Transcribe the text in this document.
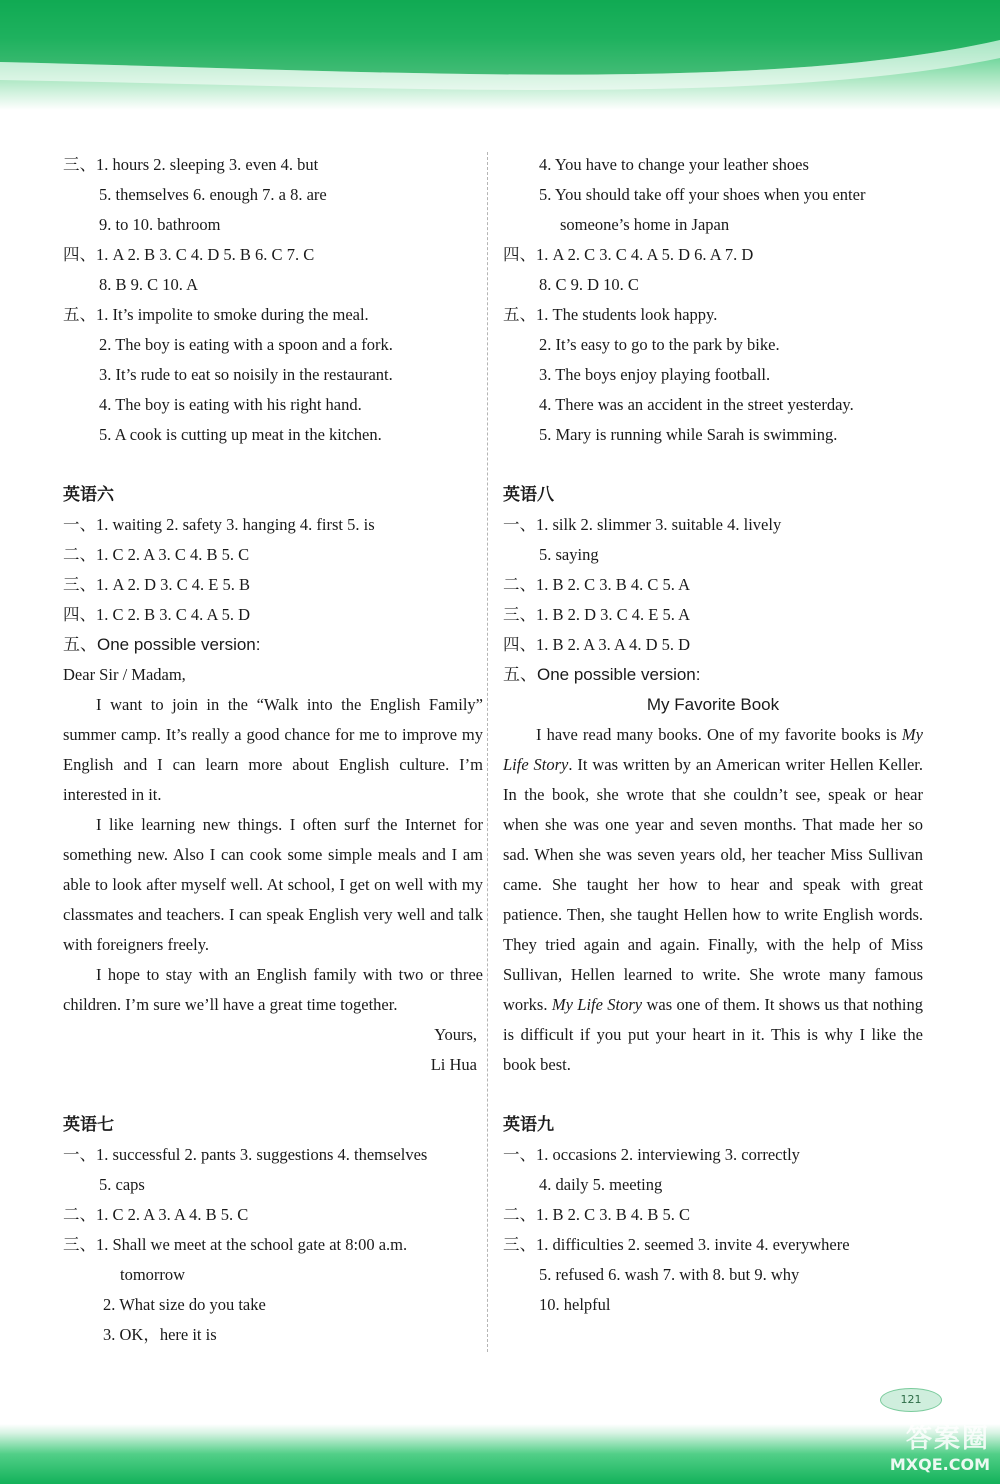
三、1. hours 2. sleeping 3. even 4. but
5. themselves 6. enough 7. a 8. are
9. to 10. bathroom
四、1. A 2. B 3. C 4. D 5. B 6. C 7. C
8. B 9. C 10. A
五、1. It’s impolite to smoke during the meal.
2. The boy is eating with a spoon and a fork.
3. It’s rude to eat so noisily in the restaurant.
4. The boy is eating with his right hand.
5. A cook is cutting up meat in the kitchen.
英语六
一、1. waiting 2. safety 3. hanging 4. first 5. is
二、1. C 2. A 3. C 4. B 5. C
三、1. A 2. D 3. C 4. E 5. B
四、1. C 2. B 3. C 4. A 5. D
五、One possible version:
Dear Sir / Madam,

I want to join in the “Walk into the English Family” summer camp. It’s really a good chance for me to improve my English and I can learn more about English culture. I’m interested in it.

I like learning new things. I often surf the Internet for something new. Also I can cook some simple meals and I am able to look after myself well. At school, I get on well with my classmates and teachers. I can speak English very well and talk with foreigners freely.

I hope to stay with an English family with two or three children. I’m sure we’ll have a great time together.

Yours,
Li Hua
英语七
一、1. successful 2. pants 3. suggestions 4. themselves
5. caps
二、1. C 2. A 3. A 4. B 5. C
三、1. Shall we meet at the school gate at 8:00 a.m.
tomorrow
2. What size do you take
3. OK，here it is
4. You have to change your leather shoes
5. You should take off your shoes when you enter
someone’s home in Japan
四、1. A 2. C 3. C 4. A 5. D 6. A 7. D
8. C 9. D 10. C
五、1. The students look happy.
2. It’s easy to go to the park by bike.
3. The boys enjoy playing football.
4. There was an accident in the street yesterday.
5. Mary is running while Sarah is swimming.
英语八
一、1. silk 2. slimmer 3. suitable 4. lively
5. saying
二、1. B 2. C 3. B 4. C 5. A
三、1. B 2. D 3. C 4. E 5. A
四、1. B 2. A 3. A 4. D 5. D
五、One possible version:
My Favorite Book

I have read many books. One of my favorite books is My Life Story. It was written by an American writer Hellen Keller. In the book, she wrote that she couldn’t see, speak or hear when she was one year and seven months. That made her so sad. When she was seven years old, her teacher Miss Sullivan came. She taught her how to hear and speak with great patience. Then, she taught Hellen how to write English words. They tried again and again. Finally, with the help of Miss Sullivan, Hellen learned to write. She wrote many famous works. My Life Story was one of them. It shows us that nothing is difficult if you put your heart in it. This is why I like the book best.

英语九
一、1. occasions 2. interviewing 3. correctly
4. daily 5. meeting
二、1. B 2. C 3. B 4. B 5. C
三、1. difficulties 2. seemed 3. invite 4. everywhere
5. refused 6. wash 7. with 8. but 9. why
10. helpful
121
答案圈
MXQE.COM
